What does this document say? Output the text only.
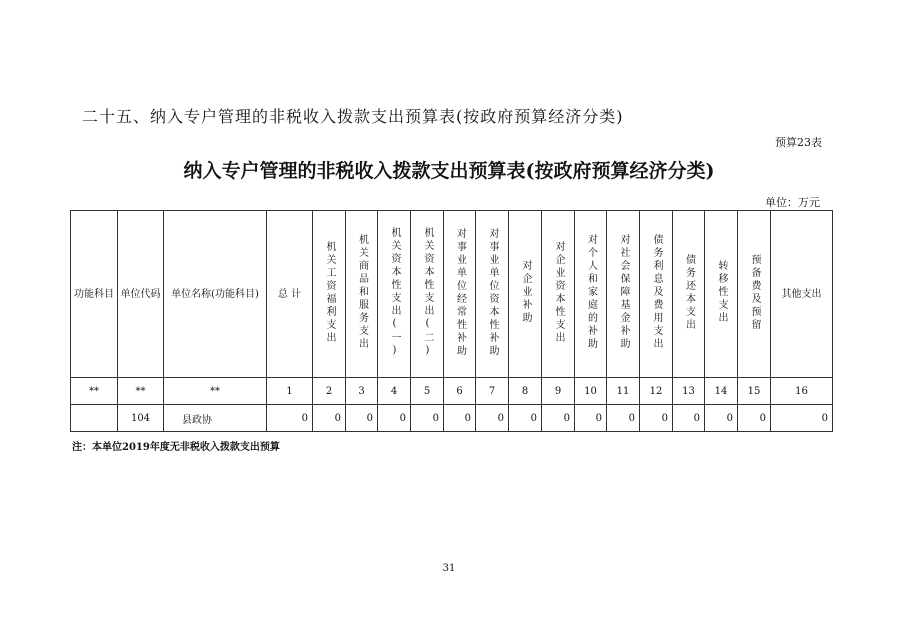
二十五、纳入专户管理的非税收入拨款支出预算表(按政府预算经济分类)
预算23表
纳入专户管理的非税收入拨款支出预算表(按政府预算经济分类)
单位：万元
功能科目	单位代码	单位名称(功能科目)	总 计	机关工资福利支出	机关商品和服务支出	机关资本性支出(一)	机关资本性支出(二)	对事业单位经常性补助	对事业单位资本性补助	对企业补助	对企业资本性支出	对个人和家庭的补助	对社会保障基金补助	债务利息及费用支出	债务还本支出	转移性支出	预备费及预留	其他支出

**	**	**	1	2	3	4	5	6	7	8	9	10	11	12	13	14	15	16
	104	县政协	0	0	0	0	0	0	0	0	0	0	0	0	0	0	0	0
注：本单位2019年度无非税收入拨款支出预算
31
